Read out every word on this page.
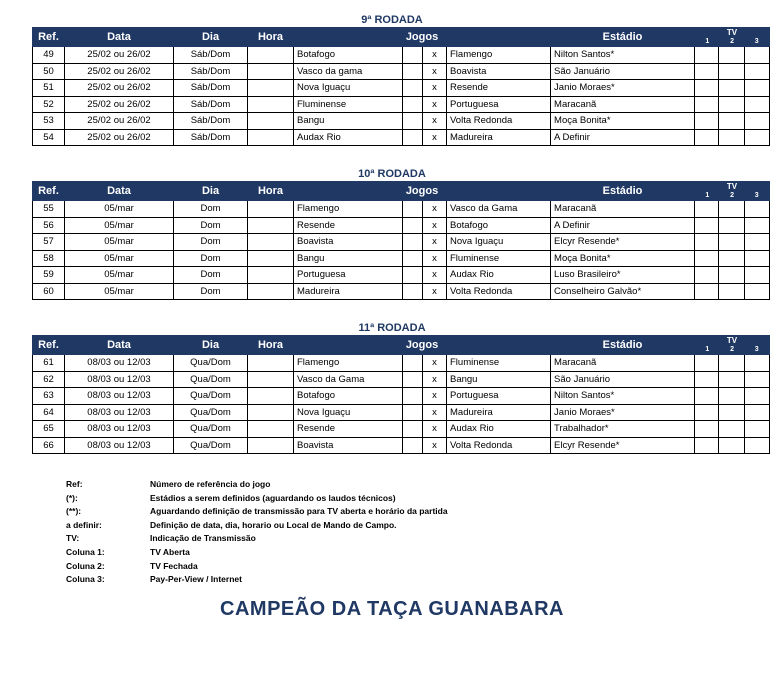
9ª RODADA
Ref.	Data	Dia	Hora	Jogos				Estádio	TV
1 2 3		

49	25/02 ou 26/02	Sáb/Dom		Botafogo		x	Flamengo	Nilton Santos*			
50	25/02 ou 26/02	Sáb/Dom		Vasco da gama		x	Boavista	São Januário			
51	25/02 ou 26/02	Sáb/Dom		Nova Iguaçu		x	Resende	Janio Moraes*			
52	25/02 ou 26/02	Sáb/Dom		Fluminense		x	Portuguesa	Maracanã			
53	25/02 ou 26/02	Sáb/Dom		Bangu		x	Volta Redonda	Moça Bonita*			
54	25/02 ou 26/02	Sáb/Dom		Audax Rio		x	Madureira	A Definir			
10ª RODADA
Ref.	Data	Dia	Hora	Jogos				Estádio	TV
1 2 3		

55	05/mar	Dom		Flamengo		x	Vasco da Gama	Maracanã			
56	05/mar	Dom		Resende		x	Botafogo	A Definir			
57	05/mar	Dom		Boavista		x	Nova Iguaçu	Elcyr Resende*			
58	05/mar	Dom		Bangu		x	Fluminense	Moça Bonita*			
59	05/mar	Dom		Portuguesa		x	Audax Rio	Luso Brasileiro*			
60	05/mar	Dom		Madureira		x	Volta Redonda	Conselheiro Galvão*			
11ª RODADA
Ref.	Data	Dia	Hora	Jogos				Estádio	TV
1 2 3		

61	08/03 ou 12/03	Qua/Dom		Flamengo		x	Fluminense	Maracanã			
62	08/03 ou 12/03	Qua/Dom		Vasco da Gama		x	Bangu	São Januário			
63	08/03 ou 12/03	Qua/Dom		Botafogo		x	Portuguesa	Nilton Santos*			
64	08/03 ou 12/03	Qua/Dom		Nova Iguaçu		x	Madureira	Janio Moraes*			
65	08/03 ou 12/03	Qua/Dom		Resende		x	Audax Rio	Trabalhador*			
66	08/03 ou 12/03	Qua/Dom		Boavista		x	Volta Redonda	Elcyr Resende*			
Ref:	Número de referência do jogo
(*):	Estádios a serem definidos (aguardando os laudos técnicos)
(**):	Aguardando definição de transmissão para TV aberta e horário da partida
a definir:	Definição de data, dia, horario ou Local de Mando de Campo.
TV:	Indicação de Transmissão
Coluna 1:	TV Aberta
Coluna 2:	TV Fechada
Coluna 3:	Pay-Per-View / Internet
CAMPEÃO DA TAÇA GUANABARA
